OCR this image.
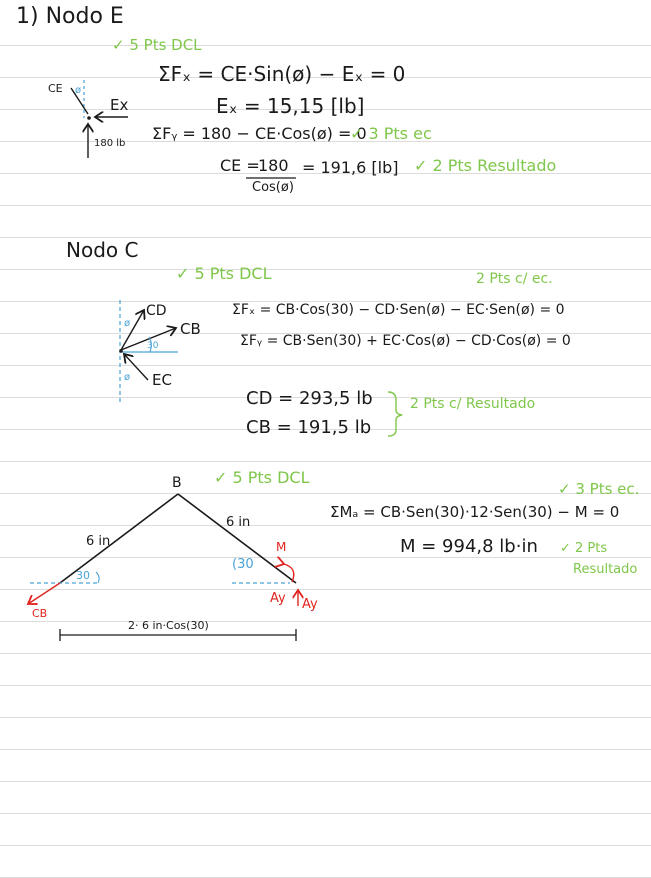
1) Nodo E
✓ 5 Pts DCL
ΣFₓ = CE·Sin(ø) − Eₓ = 0
Eₓ = 15,15 [lb]
ΣFᵧ = 180 − CE·Cos(ø) = 0
✓ 3 Pts ec
CE =
180
Cos(ø)
= 191,6 [lb] ✓ 2 Pts Resultado
CE
Ex
180 lb
ø
Nodo C
✓ 5 Pts DCL	2 Pts c/ ec.
ΣFₓ = CB·Cos(30) − CD·Sen(ø) − EC·Sen(ø) = 0
ΣFᵧ = CB·Sen(30) + EC·Cos(ø) − CD·Cos(ø) = 0
CD = 293,5 lb
CB = 191,5 lb
2 Pts c/ Resultado
CD
CB
EC
30
ø
ø
✓ 5 Pts DCL
✓ 3 Pts ec.
ΣMₐ = CB·Sen(30)·12·Sen(30) − M = 0
M = 994,8 lb·in ✓ 2 Pts
Resultado
B
6 in
6 in
30
(30
M
CB
Ay Ay
2· 6 in·Cos(30)
